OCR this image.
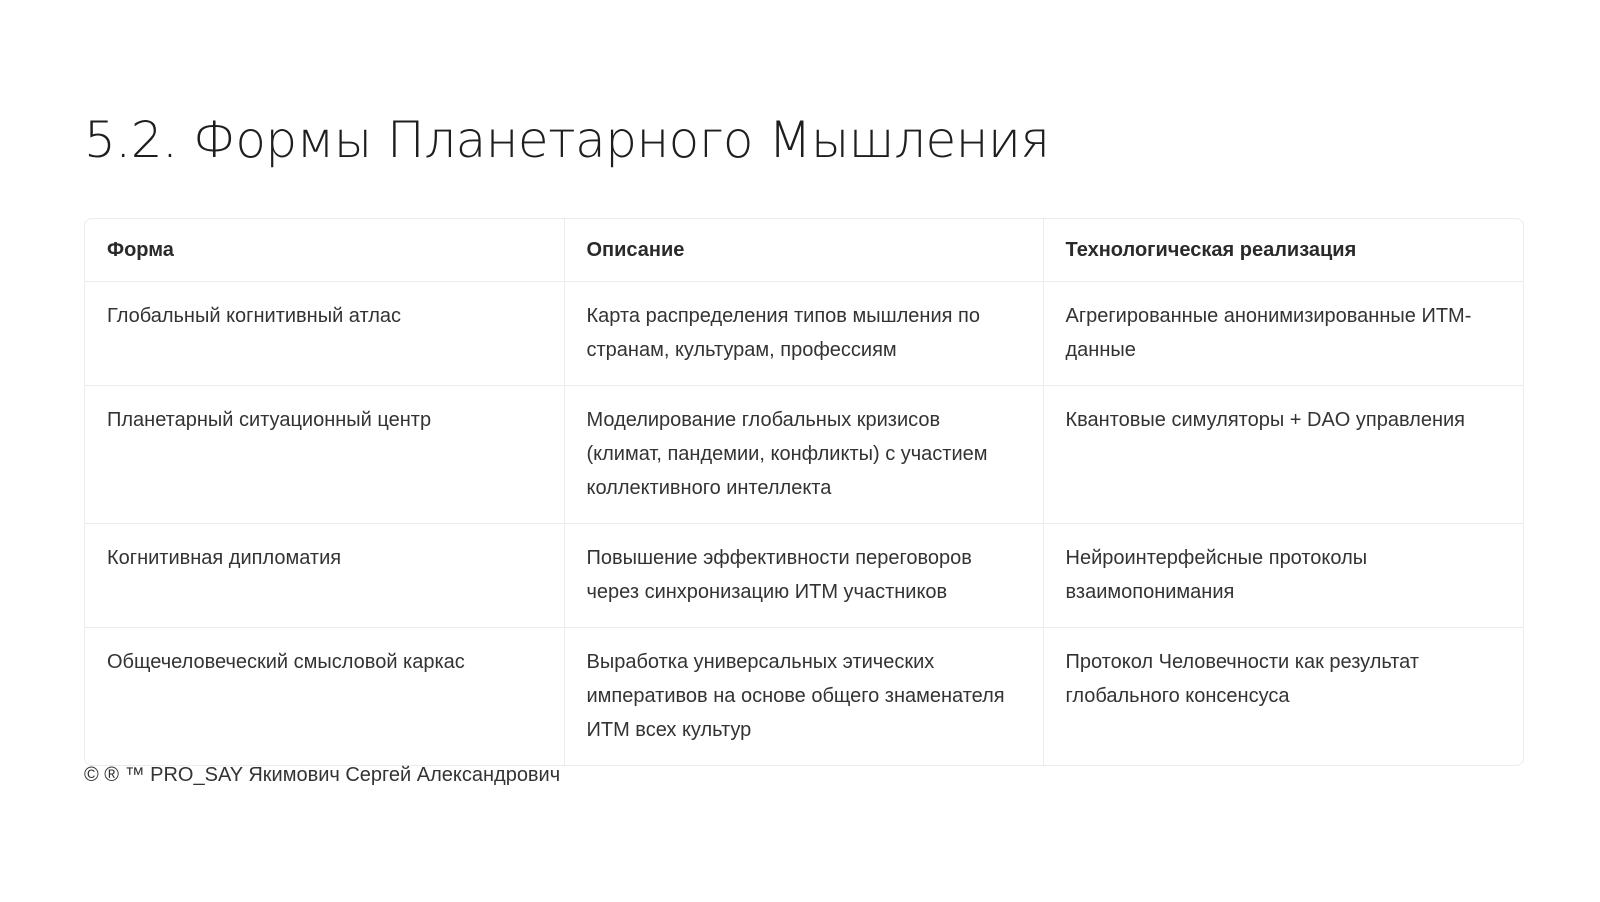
5.2. Формы Планетарного Мышления
Форма	Описание	Технологическая реализация
Глобальный когнитивный атлас	Карта распределения типов мышления по странам, культурам, профессиям	Агрегированные анонимизированные ИТМ-данные
Планетарный ситуационный центр	Моделирование глобальных кризисов (климат, пандемии, конфликты) с участием коллективного интеллекта	Квантовые симуляторы + DAO управления
Когнитивная дипломатия	Повышение эффективности переговоров через синхронизацию ИТМ участников	Нейроинтерфейсные протоколы взаимопонимания
Общечеловеческий смысловой каркас	Выработка универсальных этических императивов на основе общего знаменателя ИТМ всех культур	Протокол Человечности как результат глобального консенсуса
© ® ™ PRO_SAY Якимович Сергей Александрович
